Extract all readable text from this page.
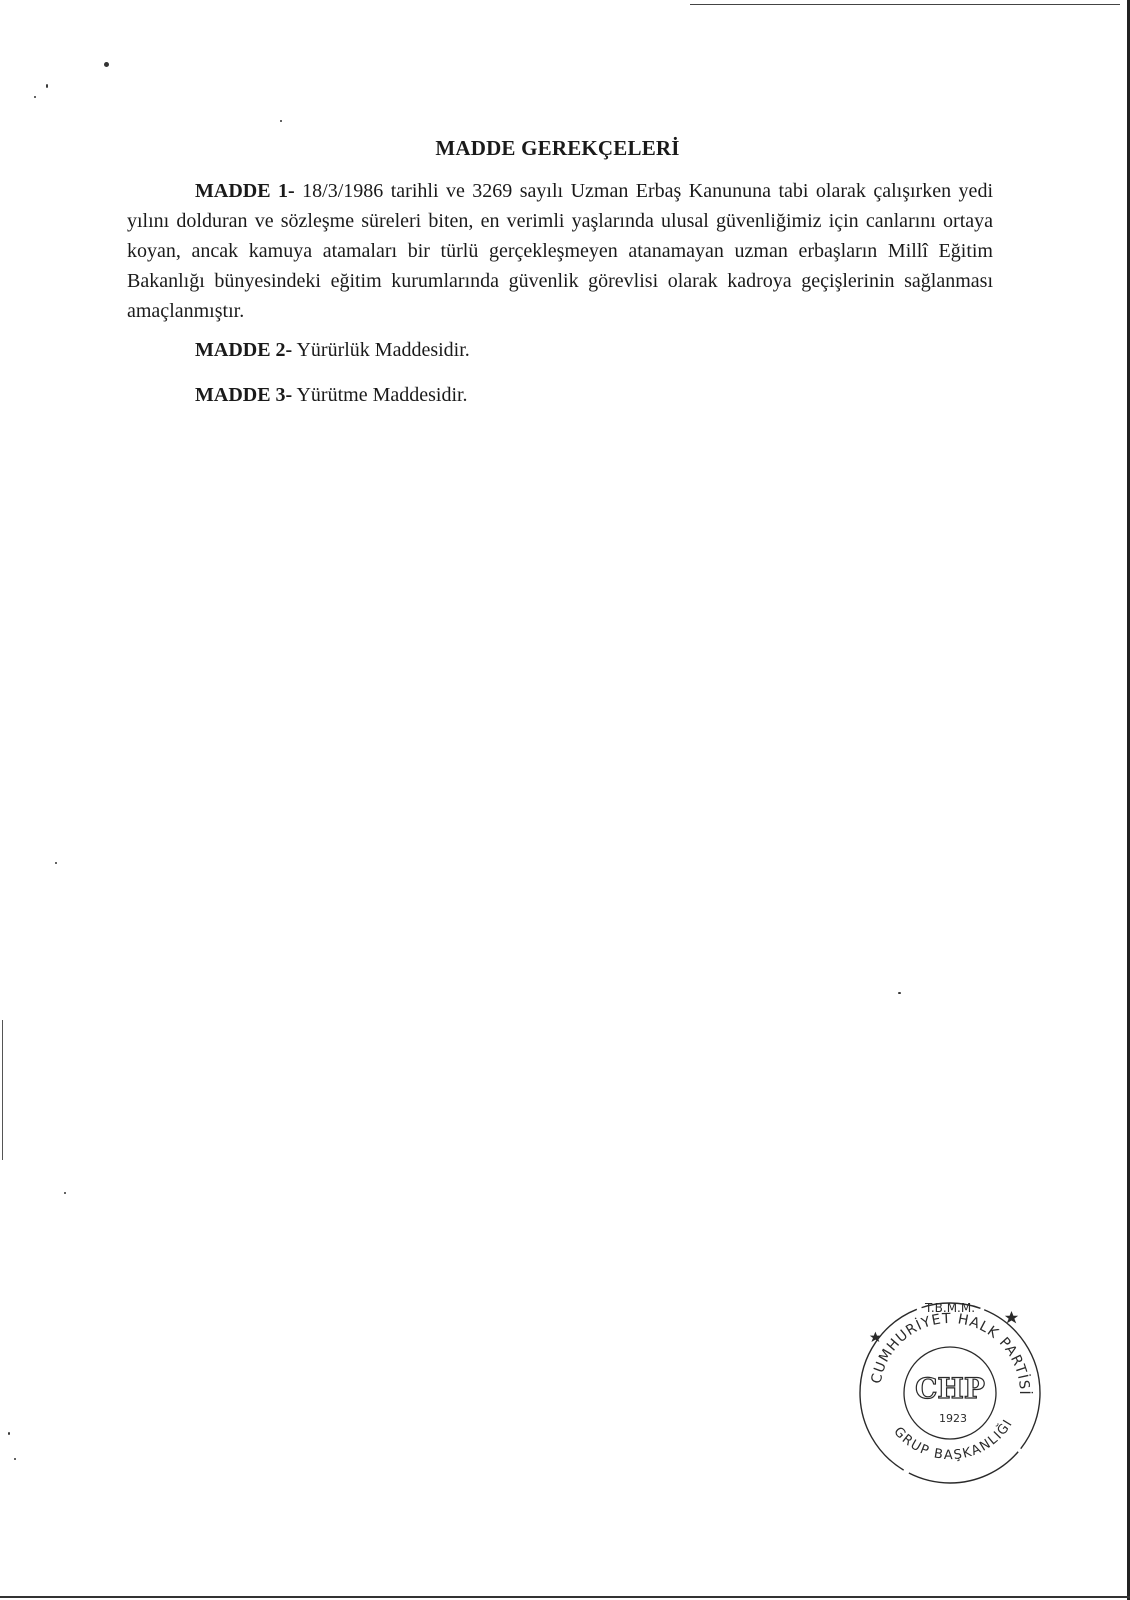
MADDE GEREKÇELERİ

MADDE 1- 18/3/1986 tarihli ve 3269 sayılı Uzman Erbaş Kanununa tabi olarak çalışırken yedi yılını dolduran ve sözleşme süreleri biten, en verimli yaşlarında ulusal güvenliğimiz için canlarını ortaya koyan, ancak kamuya atamaları bir türlü gerçekleşmeyen atanamayan uzman erbaşların Millî Eğitim Bakanlığı bünyesindeki eğitim kurumlarında güvenlik görevlisi olarak kadroya geçişlerinin sağlanması amaçlanmıştır.

MADDE 2- Yürürlük Maddesidir.

MADDE 3- Yürütme Maddesidir.

CUMHURİYET HALK PARTİSİ
T.B.M.M.
GRUP BAŞKANLIĞI
CHP
1923
